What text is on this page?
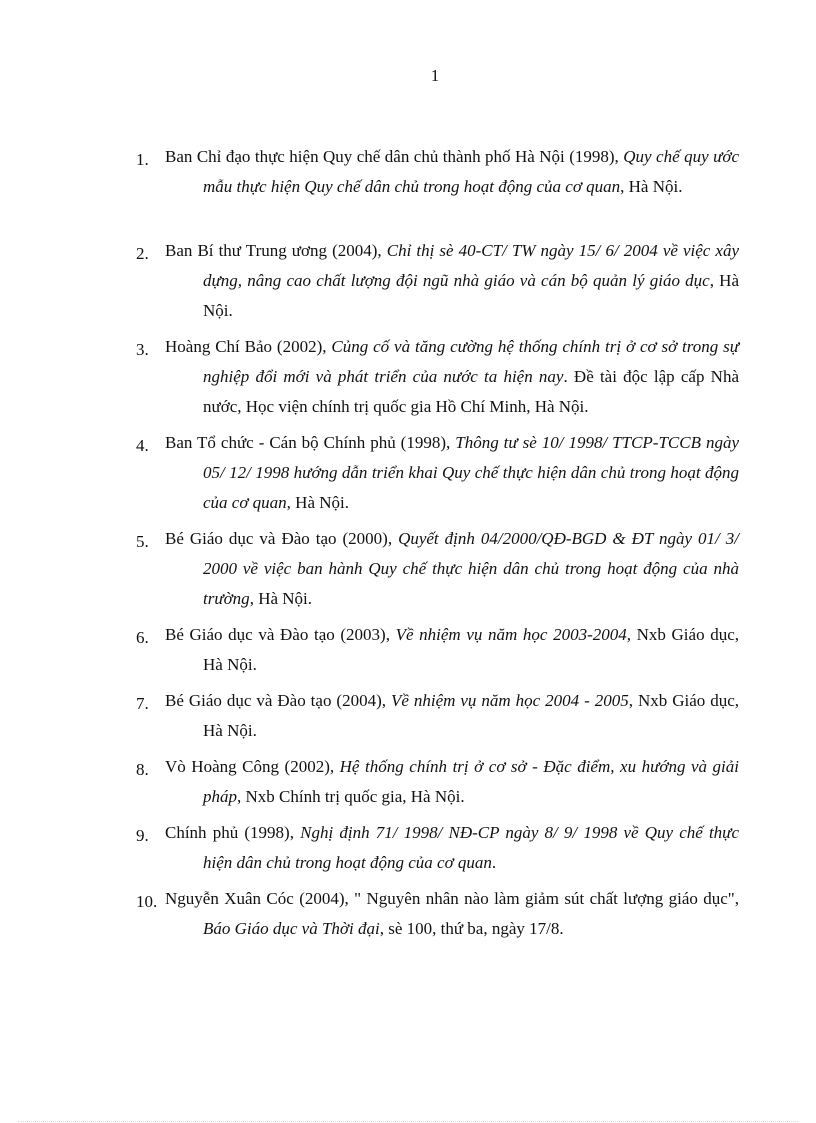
1
1. Ban Chỉ đạo thực hiện Quy chế dân chủ thành phố Hà Nội (1998), Quy chế quy ước mẫu thực hiện Quy chế dân chủ trong hoạt động của cơ quan, Hà Nội.
2. Ban Bí thư Trung ương (2004), Chỉ thị sè 40-CT/ TW ngày 15/ 6/ 2004 về việc xây dựng, nâng cao chất lượng đội ngũ nhà giáo và cán bộ quản lý giáo dục, Hà Nội.
3. Hoàng Chí Bảo (2002), Củng cố và tăng cường hệ thống chính trị ở cơ sở trong sự nghiệp đổi mới và phát triển của nước ta hiện nay. Đề tài độc lập cấp Nhà nước, Học viện chính trị quốc gia Hồ Chí Minh, Hà Nội.
4. Ban Tổ chức - Cán bộ Chính phủ (1998), Thông tư sè 10/ 1998/ TTCP-TCCB ngày 05/ 12/ 1998 hướng dẫn triển khai Quy chế thực hiện dân chủ trong hoạt động của cơ quan, Hà Nội.
5. Bé Giáo dục và Đào tạo (2000), Quyết định 04/2000/QĐ-BGD & ĐT ngày 01/ 3/ 2000 về việc ban hành Quy chế thực hiện dân chủ trong hoạt động của nhà trường, Hà Nội.
6. Bé Giáo dục và Đào tạo (2003), Về nhiệm vụ năm học 2003-2004, Nxb Giáo dục, Hà Nội.
7. Bé Giáo dục và Đào tạo (2004), Về nhiệm vụ năm học 2004 - 2005, Nxb Giáo dục, Hà Nội.
8. Vò Hoàng Công (2002), Hệ thống chính trị ở cơ sở - Đặc điểm, xu hướng và giải pháp, Nxb Chính trị quốc gia, Hà Nội.
9. Chính phủ (1998), Nghị định 71/ 1998/ NĐ-CP ngày 8/ 9/ 1998 về Quy chế thực hiện dân chủ trong hoạt động của cơ quan.
10. Nguyễn Xuân Cóc (2004), " Nguyên nhân nào làm giảm sút chất lượng giáo dục", Báo Giáo dục và Thời đại, sè 100, thứ ba, ngày 17/8.
